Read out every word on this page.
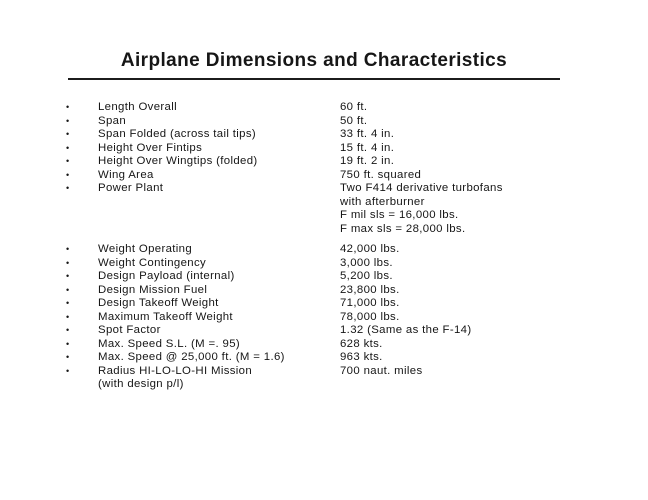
Airplane Dimensions and Characteristics
• Length Overall	60 ft.
• Span	50 ft.
• Span Folded (across tail tips)	33 ft. 4 in.
• Height Over Fintips	15 ft. 4 in.
• Height Over Wingtips (folded)	19 ft. 2 in.
• Wing Area	750 ft. squared
• Power Plant	Two F414 derivative turbofans
with afterburner
F mil sls = 16,000 lbs.
F max sls = 28,000 lbs.
• Weight Operating	42,000 lbs.
• Weight Contingency	3,000 lbs.
• Design Payload (internal)	5,200 lbs.
• Design Mission Fuel	23,800 lbs.
• Design Takeoff Weight	71,000 lbs.
• Maximum Takeoff Weight	78,000 lbs.
• Spot Factor	1.32 (Same as the F-14)
• Max. Speed S.L. (M =. 95)	628 kts.
• Max. Speed @ 25,000 ft. (M = 1.6)	963 kts.
• Radius HI-LO-LO-HI Mission	700 naut. miles
(with design p/l)
